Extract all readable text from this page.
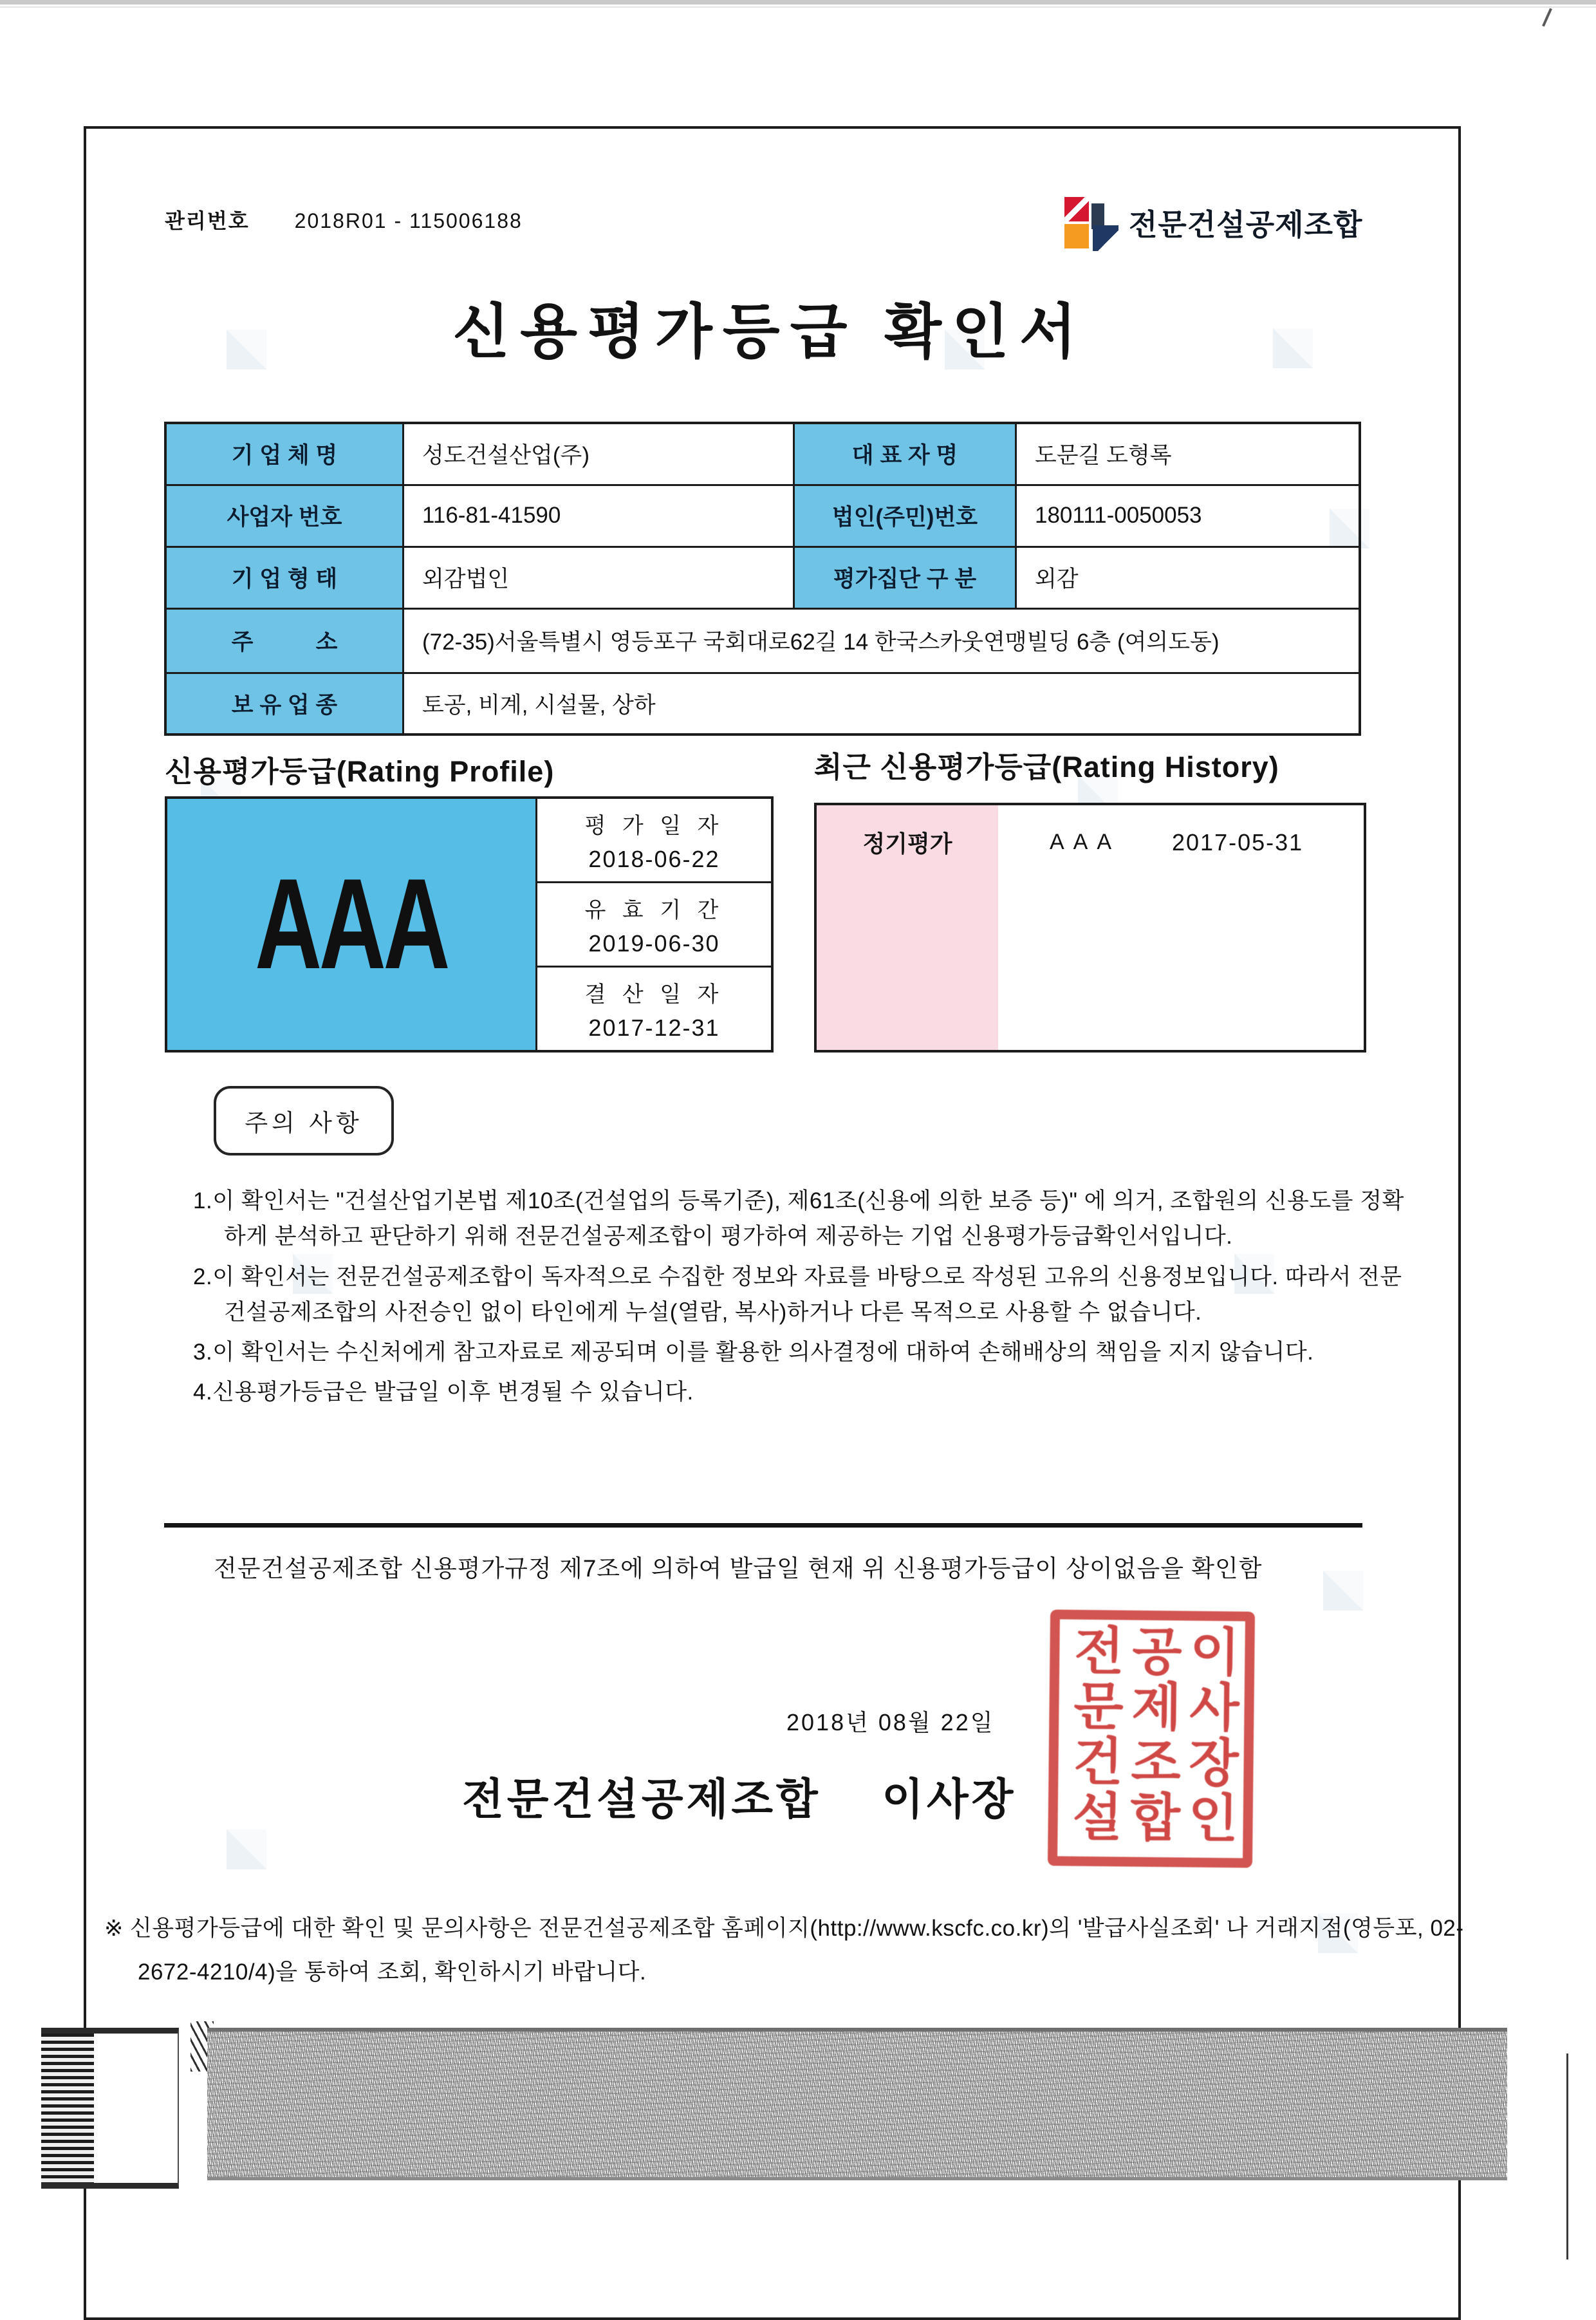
관리번호 2018R01 - 115006188	전문건설공제조합
신용평가등급 확인서
기 업 체 명	성도건설산업(주)	대 표 자 명	도문길 도형록
사업자 번호	116-81-41590	법인(주민)번호	180111-0050053
기 업 형 태	외감법인	평가집단 구 분	외감
주          소	(72-35)서울특별시 영등포구 국회대로62길 14 한국스카웃연맹빌딩 6층 (여의도동)		
보 유 업 종	토공, 비계, 시설물, 상하		
신용평가등급(Rating Profile)	최근 신용평가등급(Rating History)
AAA
평 가 일 자
2018-06-22
유 효 기 간
2019-06-30
결 산 일 자
2017-12-31
정기평가	AAA	2017-05-31
주의 사항
1.이 확인서는 "건설산업기본법 제10조(건설업의 등록기준), 제61조(신용에 의한 보증 등)" 에 의거, 조합원의 신용도를 정확하게 분석하고 판단하기 위해 전문건설공제조합이 평가하여 제공하는 기업 신용평가등급확인서입니다.
2.이 확인서는 전문건설공제조합이 독자적으로 수집한 정보와 자료를 바탕으로 작성된 고유의 신용정보입니다. 따라서 전문건설공제조합의 사전승인 없이 타인에게 누설(열람, 복사)하거나 다른 목적으로 사용할 수 없습니다.
3.이 확인서는 수신처에게 참고자료로 제공되며 이를 활용한 의사결정에 대하여 손해배상의 책임을 지지 않습니다.
4.신용평가등급은 발급일 이후 변경될 수 있습니다.
전문건설공제조합 신용평가규정 제7조에 의하여 발급일 현재 위 신용평가등급이 상이없음을 확인함
2018년 08월 22일
전문건설공제조합    이사장 전문건설
공제조합
이사장인
※ 신용평가등급에 대한 확인 및 문의사항은 전문건설공제조합 홈페이지(http://www.kscfc.co.kr)의 '발급사실조회' 나 거래지점(영등포, 02-2672-4210/4)을 통하여 조회, 확인하시기 바랍니다.
